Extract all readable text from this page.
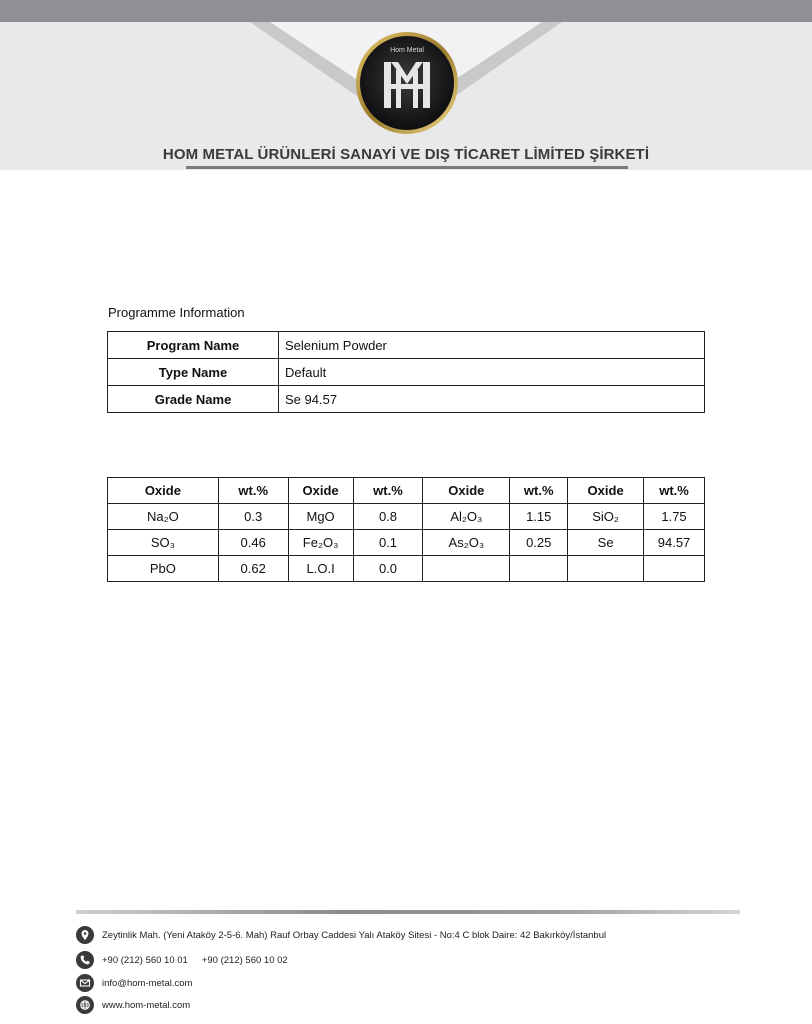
Hom Metal
HOM METAL ÜRÜNLERİ SANAYİ VE DIŞ TİCARET LİMİTED ŞİRKETİ
Programme Information
Program Name	Selenium Powder
Type Name	Default
Grade Name	Se 94.57
Oxide	wt.%	Oxide	wt.%	Oxide	wt.%	Oxide	wt.%
Na₂O	0.3	MgO	0.8	Al₂O₃	1.15	SiO₂	1.75
SO₃	0.46	Fe₂O₃	0.1	As₂O₃	0.25	Se	94.57
PbO	0.62	L.O.I	0.0				
Zeytinlik Mah. (Yeni Ataköy 2-5-6. Mah) Rauf Orbay Caddesi Yalı Ataköy Sitesi - No:4 C blok Daire: 42 Bakırköy/İstanbul
+90 (212) 560 10 01 +90 (212) 560 10 02
info@hom-metal.com
www.hom-metal.com
